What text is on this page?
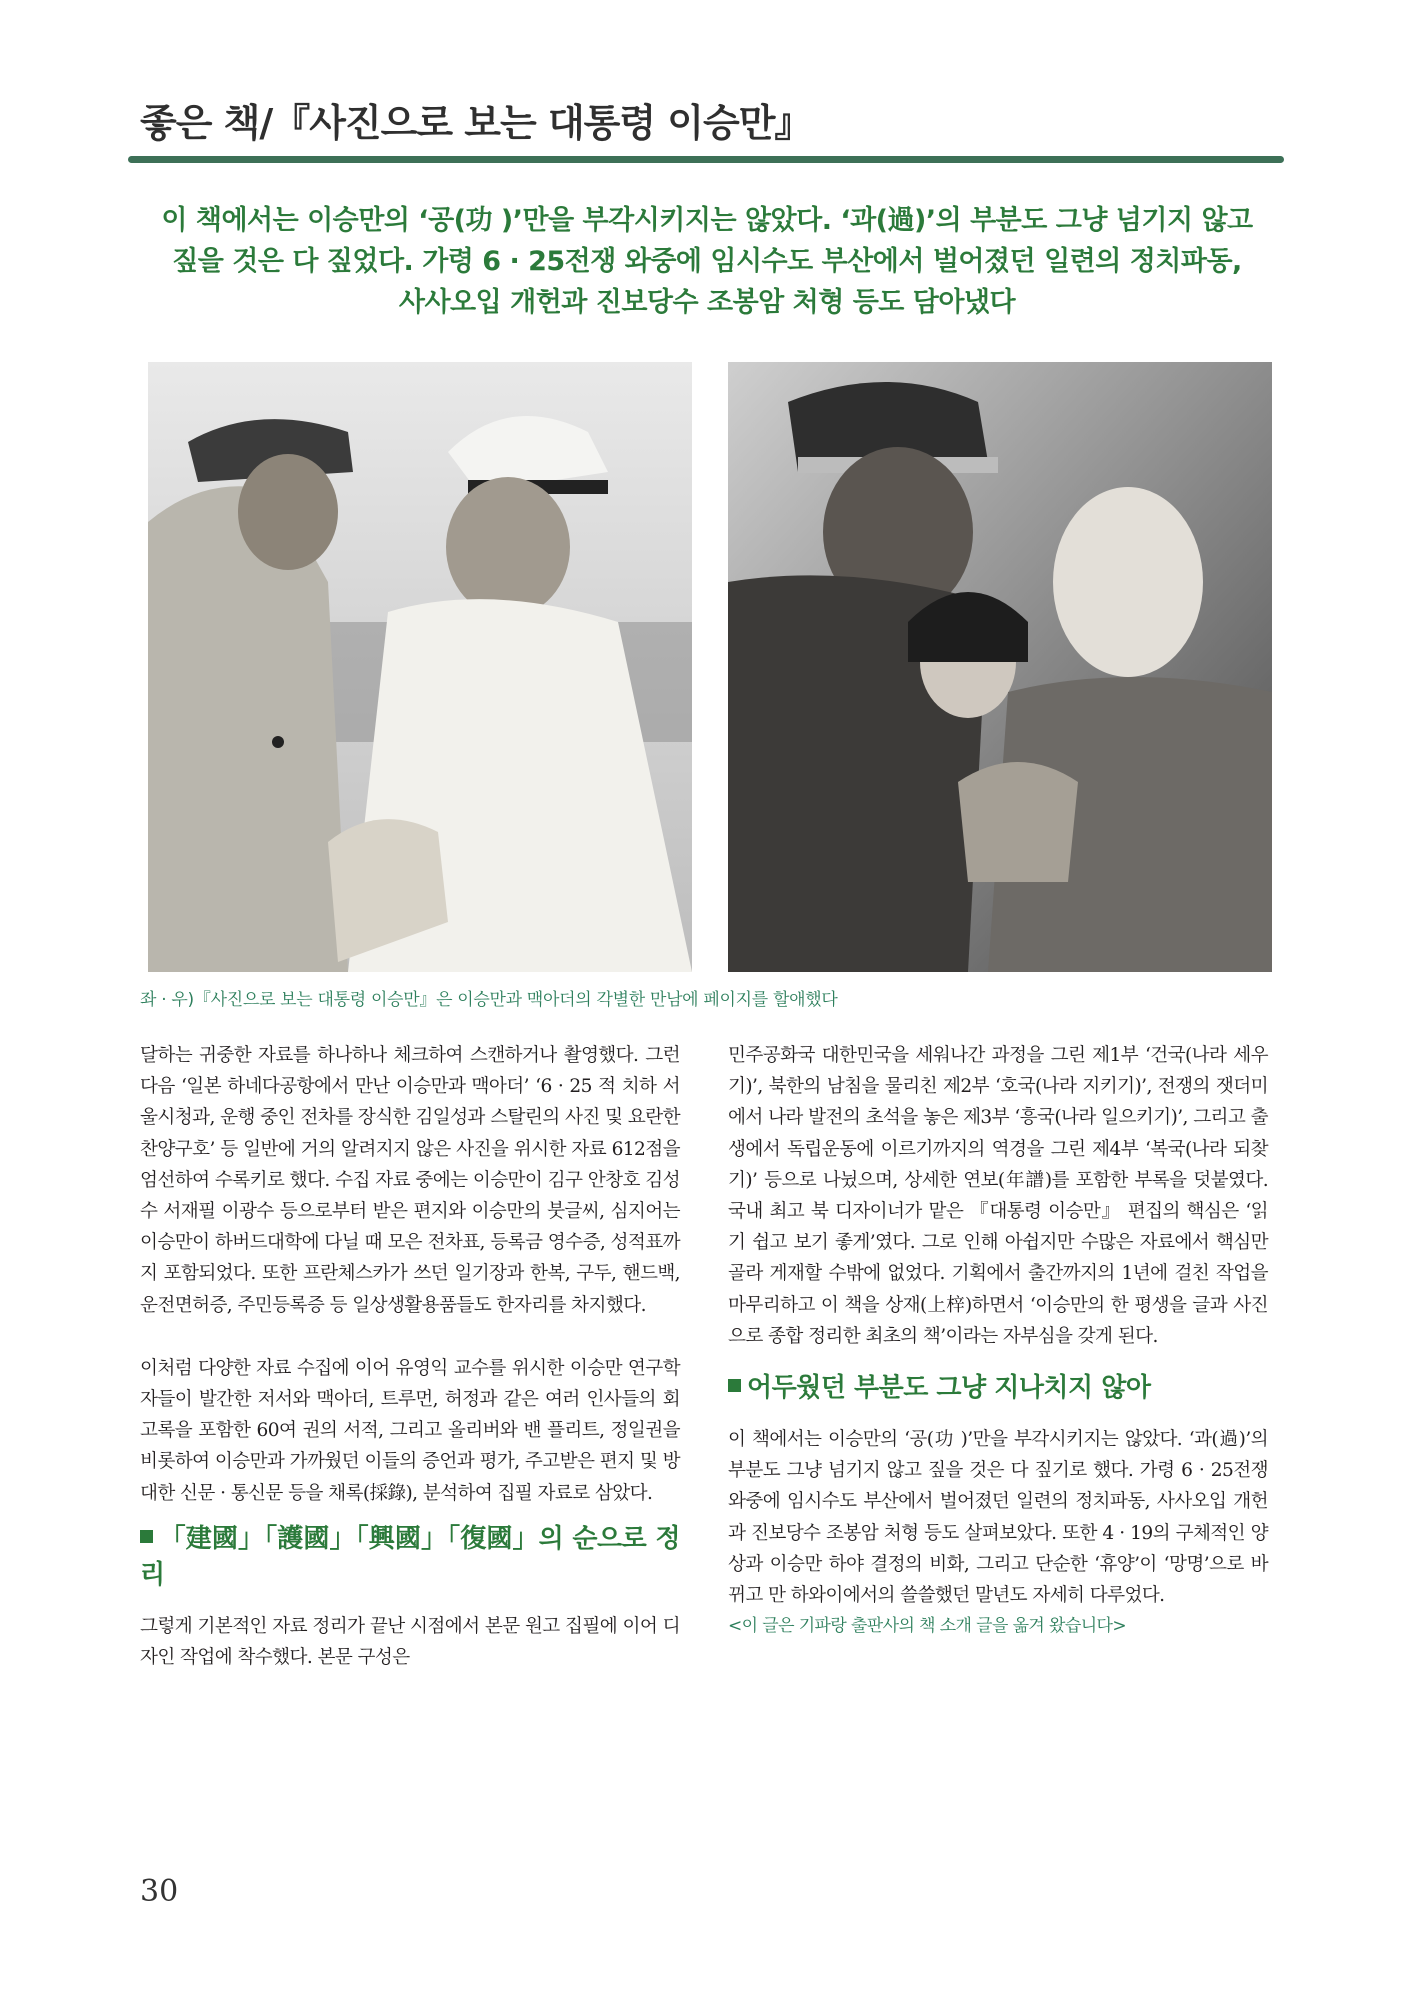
좋은 책/『사진으로 보는 대통령 이승만』
이 책에서는 이승만의 ‘공(功 )’만을 부각시키지는 않았다. ‘과(過)’의 부분도 그냥 넘기지 않고
짚을 것은 다 짚었다. 가령 6 · 25전쟁 와중에 임시수도 부산에서 벌어졌던 일련의 정치파동,
사사오입 개헌과 진보당수 조봉암 처형 등도 담아냈다
좌 · 우)『사진으로 보는 대통령 이승만』은 이승만과 맥아더의 각별한 만남에 페이지를 할애했다

달하는 귀중한 자료를 하나하나 체크하여 스캔하거나 촬영했다. 그런 다음 ‘일본 하네다공항에서 만난 이승만과 맥아더’ ‘6 · 25 적 치하 서울시청과, 운행 중인 전차를 장식한 김일성과 스탈린의 사진 및 요란한 찬양구호’ 등 일반에 거의 알려지지 않은 사진을 위시한 자료 612점을 엄선하여 수록키로 했다. 수집 자료 중에는 이승만이 김구 안창호 김성수 서재필 이광수 등으로부터 받은 편지와 이승만의 붓글씨, 심지어는 이승만이 하버드대학에 다닐 때 모은 전차표, 등록금 영수증, 성적표까지 포함되었다. 또한 프란체스카가 쓰던 일기장과 한복, 구두, 핸드백, 운전면허증, 주민등록증 등 일상생활용품들도 한자리를 차지했다.

이처럼 다양한 자료 수집에 이어 유영익 교수를 위시한 이승만 연구학자들이 발간한 저서와 맥아더, 트루먼, 허정과 같은 여러 인사들의 회고록을 포함한 60여 권의 서적, 그리고 올리버와 밴 플리트, 정일권을 비롯하여 이승만과 가까웠던 이들의 증언과 평가, 주고받은 편지 및 방대한 신문 · 통신문 등을 채록(採錄), 분석하여 집필 자료로 삼았다.

「建國」「護國」「興國」「復國」의 순으로 정리

그렇게 기본적인 자료 정리가 끝난 시점에서 본문 원고 집필에 이어 디자인 작업에 착수했다. 본문 구성은

민주공화국 대한민국을 세워나간 과정을 그린 제1부 ‘건국(나라 세우기)’, 북한의 남침을 물리친 제2부 ‘호국(나라 지키기)’, 전쟁의 잿더미에서 나라 발전의 초석을 놓은 제3부 ‘흥국(나라 일으키기)’, 그리고 출생에서 독립운동에 이르기까지의 역경을 그린 제4부 ‘복국(나라 되찾기)’ 등으로 나뉬으며, 상세한 연보(年譜)를 포함한 부록을 덧붙였다. 국내 최고 북 디자이너가 맡은 『대통령 이승만』 편집의 핵심은 ‘읽기 쉽고 보기 좋게’였다. 그로 인해 아쉽지만 수많은 자료에서 핵심만 골라 게재할 수밖에 없었다. 기획에서 출간까지의 1년에 걸친 작업을 마무리하고 이 책을 상재(上梓)하면서 ‘이승만의 한 평생을 글과 사진으로 종합 정리한 최초의 책’이라는 자부심을 갖게 된다.

어두웠던 부분도 그냥 지나치지 않아

이 책에서는 이승만의 ‘공(功 )’만을 부각시키지는 않았다. ‘과(過)’의 부분도 그냥 넘기지 않고 짚을 것은 다 짚기로 했다. 가령 6 · 25전쟁 와중에 임시수도 부산에서 벌어졌던 일련의 정치파동, 사사오입 개헌과 진보당수 조봉암 처형 등도 살펴보았다. 또한 4 · 19의 구체적인 양상과 이승만 하야 결정의 비화, 그리고 단순한 ‘휴양’이 ‘망명’으로 바뀌고 만 하와이에서의 쓸쓸했던 말년도 자세히 다루었다.

<이 글은 기파랑 출판사의 책 소개 글을 옮겨 왔습니다>

30
